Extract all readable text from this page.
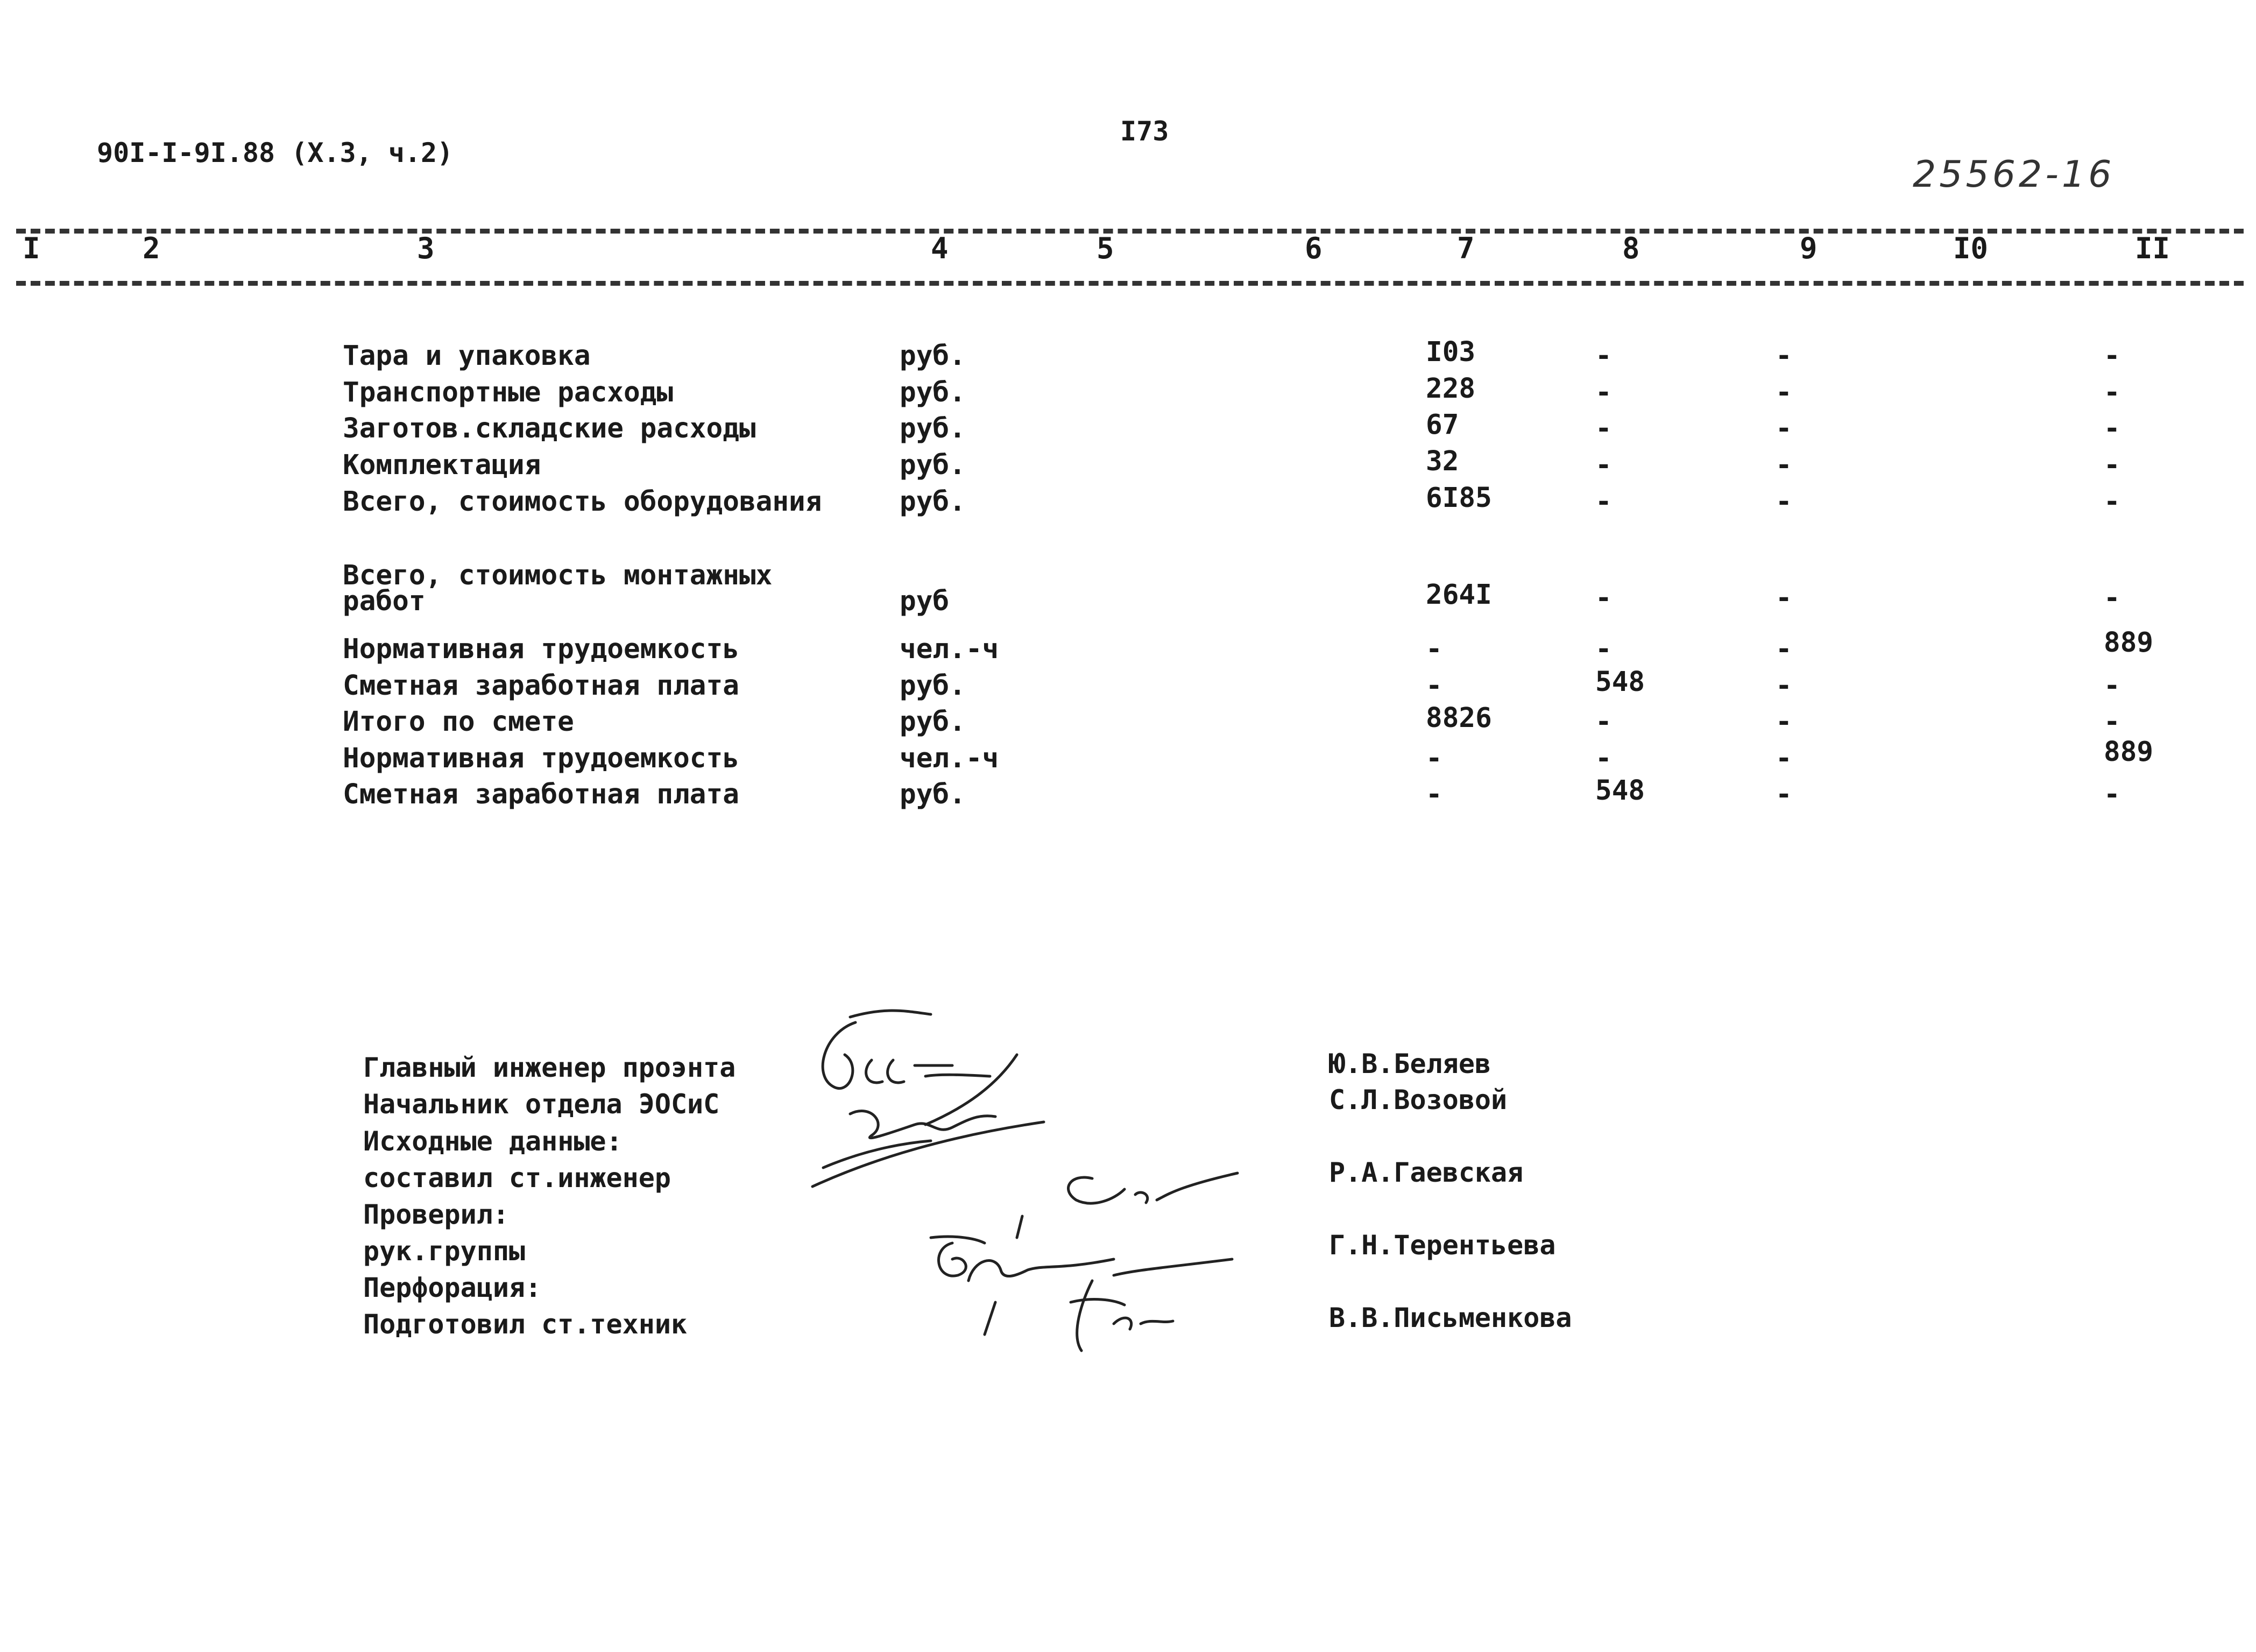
90I-I-9I.88 (X.3, ч.2)
I73
25562-16
I	2	3	4	5	6	7	8	9	I0	II
Тара и упаковка	руб.	I03	-	-	-
Транспортные расходы	руб.	228	-	-	-
Заготов.складские расходы	руб.	67	-	-	-
Комплектация	руб.	32	-	-	-
Всего, стоимость оборудования	руб.	6I85	-	-	-
Всего, стоимость монтажных
работ	руб	264I	-	-	-
Нормативная трудоемкость	чел.-ч	-	-	-	889
Сметная заработная плата	руб.	-	548	-	-
Итого по смете	руб.	8826	-	-	-
Нормативная трудоемкость	чел.-ч	-	-	-	889
Сметная заработная плата	руб.	-	548	-	-
Главный инженер проэнта
Начальник отдела ЭОСиС
Исходные данные:
составил ст.инженер
Проверил:
рук.группы
Перфорация:
Подготовил ст.техник
Ю.В.Беляев
С.Л.Возовой
Р.А.Гаевская
Г.Н.Терентьева
В.В.Письменкова
